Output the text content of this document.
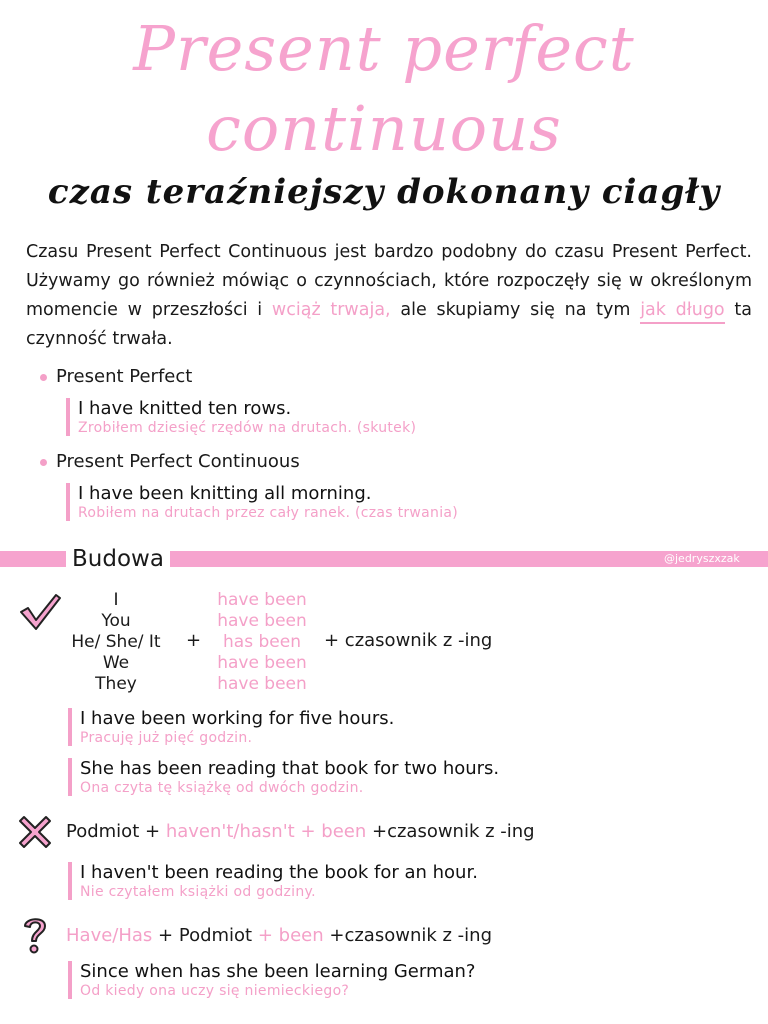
Present perfect
continuous
czas teraźniejszy dokonany ciagły
Czasu Present Perfect Continuous jest bardzo podobny do czasu Present Perfect. Używamy go również mówiąc o czynnościach, które rozpoczęły się w określonym momencie w przeszłości i wciąż trwaja, ale skupiamy się na tym jak długo ta czynność trwała.
Present Perfect
I have knitted ten rows.
Zrobiłem dziesięć rzędów na drutach. (skutek)
Present Perfect Continuous
I have been knitting all morning.
Robiłem na drutach przez cały ranek. (czas trwania)
Budowa	@jedryszxzak
I
You
He/ She/ It
We
They
+
have been
have been
has been
have been
have been
+ czasownik z -ing
I have been working for five hours.
Pracuję już pięć godzin.
She has been reading that book for two hours.
Ona czyta tę książkę od dwóch godzin.
Podmiot + haven't/hasn't + been +czasownik z -ing
I haven't been reading the book for an hour.
Nie czytałem książki od godziny.
Have/Has + Podmiot + been +czasownik z -ing
Since when has she been learning German?
Od kiedy ona uczy się niemieckiego?
